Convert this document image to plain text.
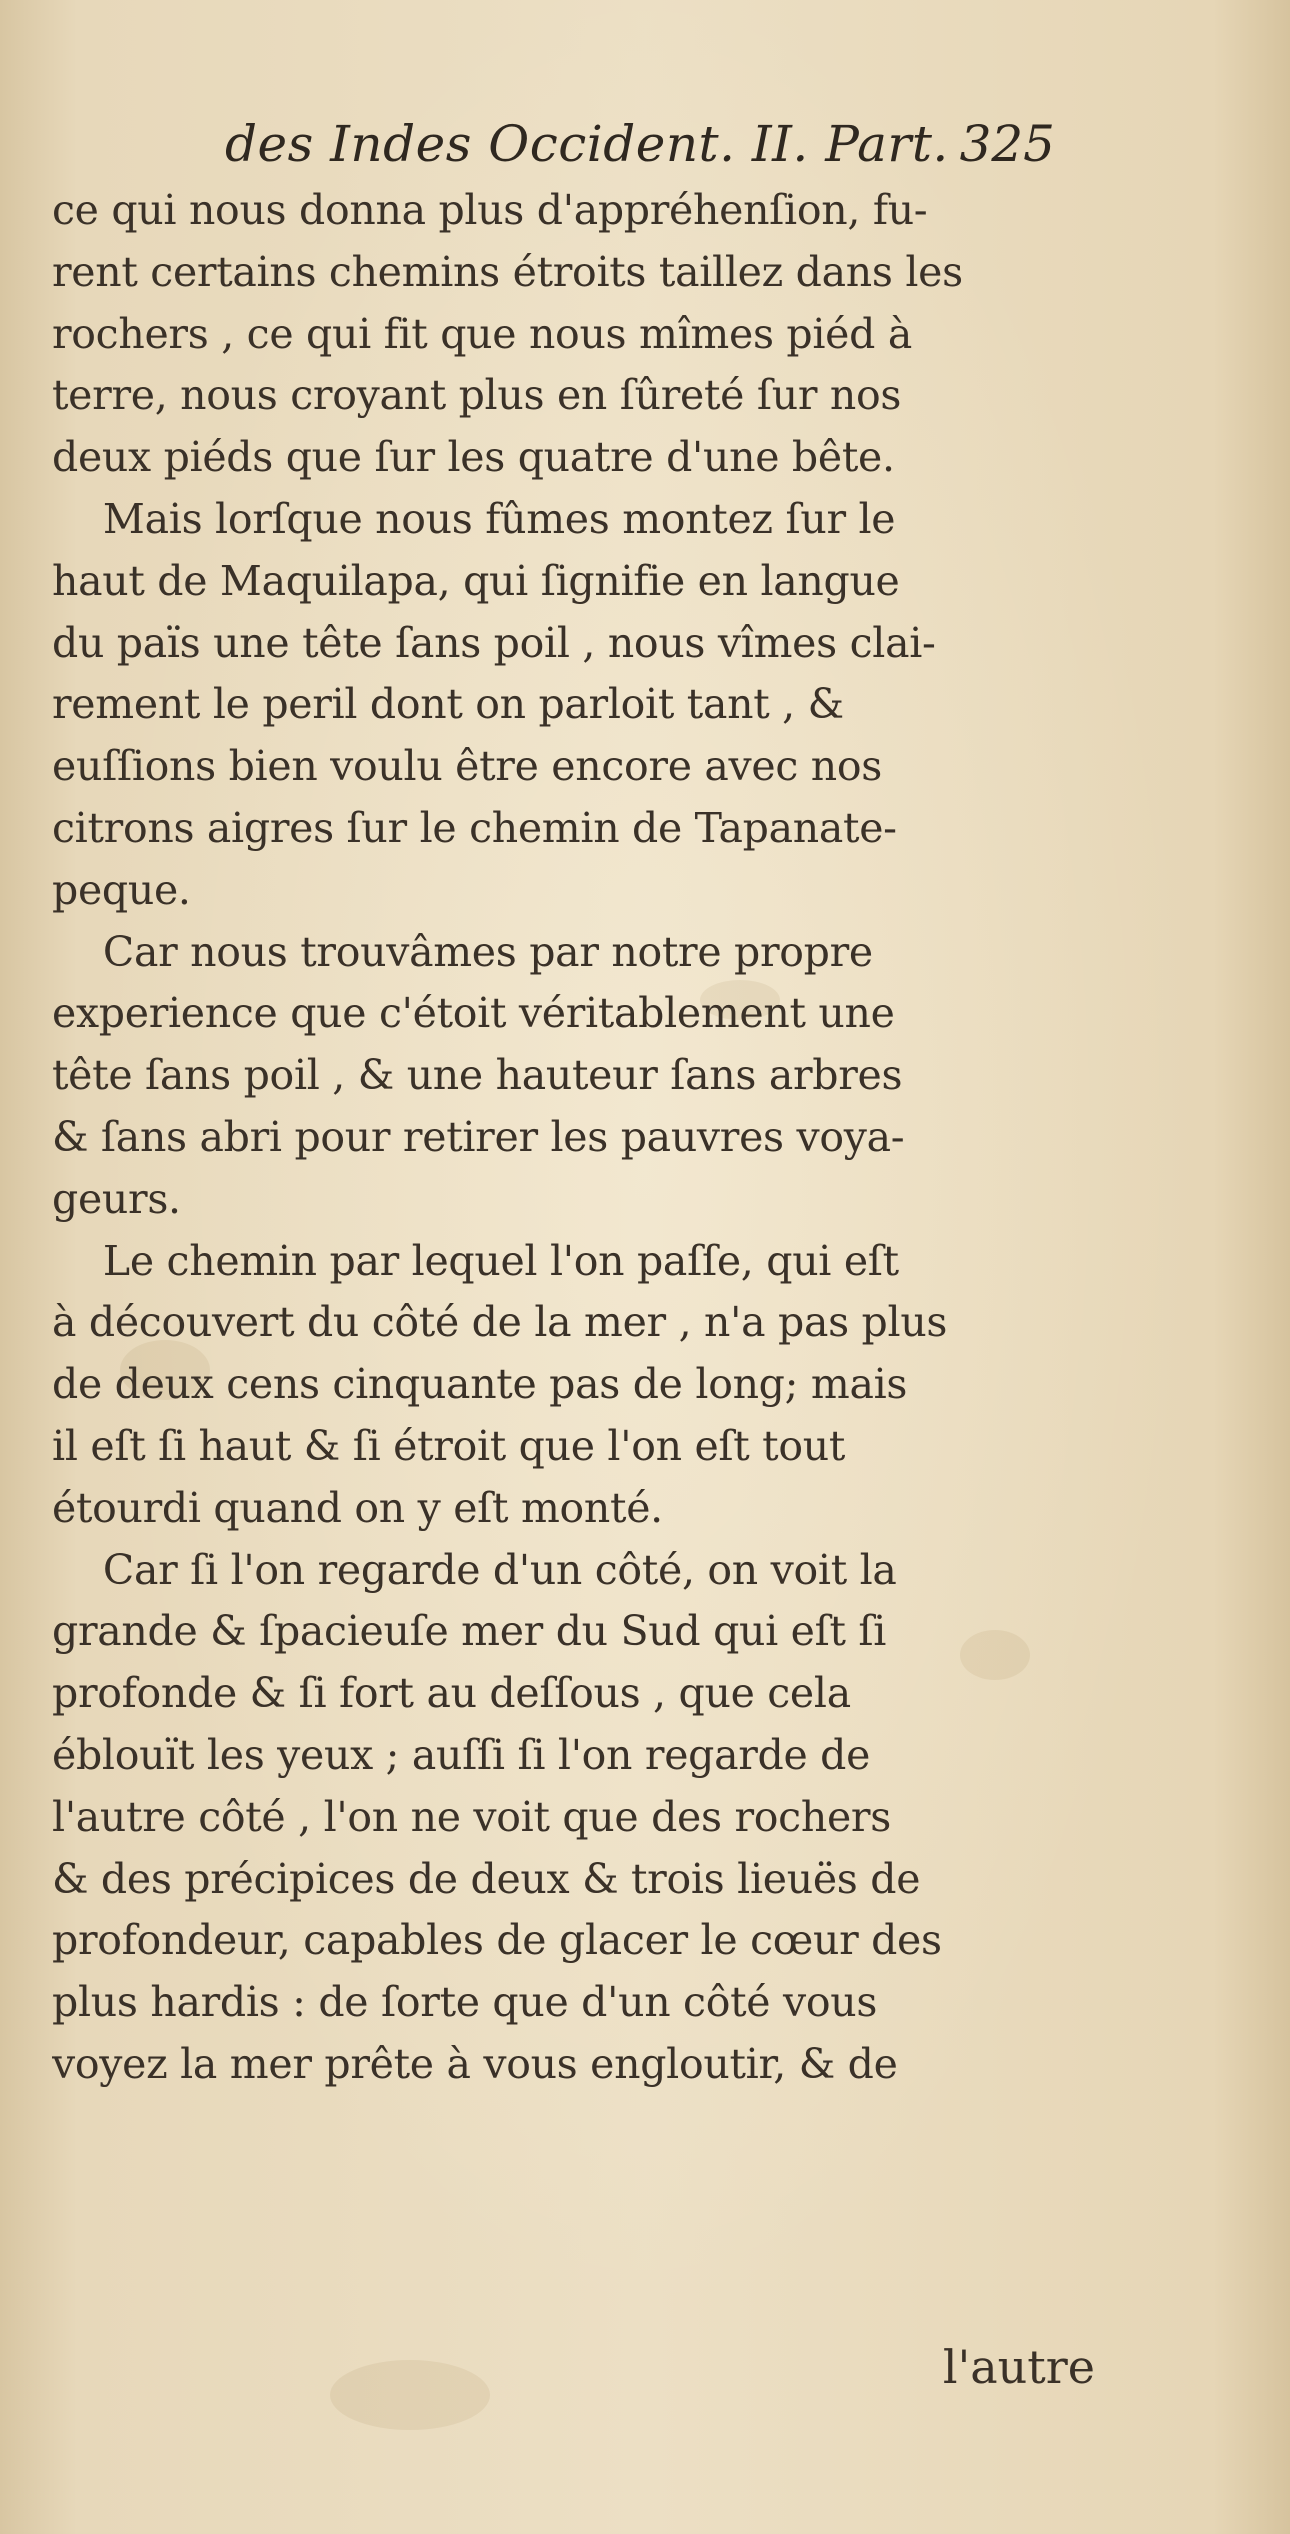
des Indes Occident. II. Part. 325
ce qui nous donna plus d'appréhenſion, fu-
rent certains chemins étroits taillez dans les
rochers , ce qui fit que nous mîmes piéd à
terre, nous croyant plus en ſûreté ſur nos
deux piéds que ſur les quatre d'une bête.
Mais lorſque nous fûmes montez ſur le
haut de Maquilapa, qui ſignifie en langue
du païs une tête ſans poil , nous vîmes clai-
rement le peril dont on parloit tant , &
euſſions bien voulu être encore avec nos
citrons aigres ſur le chemin de Tapanate-
peque.
Car nous trouvâmes par notre propre
experience que c'étoit véritablement une
tête ſans poil , & une hauteur ſans arbres
& ſans abri pour retirer les pauvres voya-
geurs.
Le chemin par lequel l'on paſſe, qui eſt
à découvert du côté de la mer , n'a pas plus
de deux cens cinquante pas de long; mais
il eſt ſi haut & ſi étroit que l'on eſt tout
étourdi quand on y eſt monté.
Car ſi l'on regarde d'un côté, on voit la
grande & ſpacieuſe mer du Sud qui eſt ſi
profonde & ſi fort au deſſous , que cela
éblouït les yeux ; auſſi ſi l'on regarde de
l'autre côté , l'on ne voit que des rochers
& des précipices de deux & trois lieuës de
profondeur, capables de glacer le cœur des
plus hardis : de ſorte que d'un côté vous
voyez la mer prête à vous engloutir, & de
l'autre
